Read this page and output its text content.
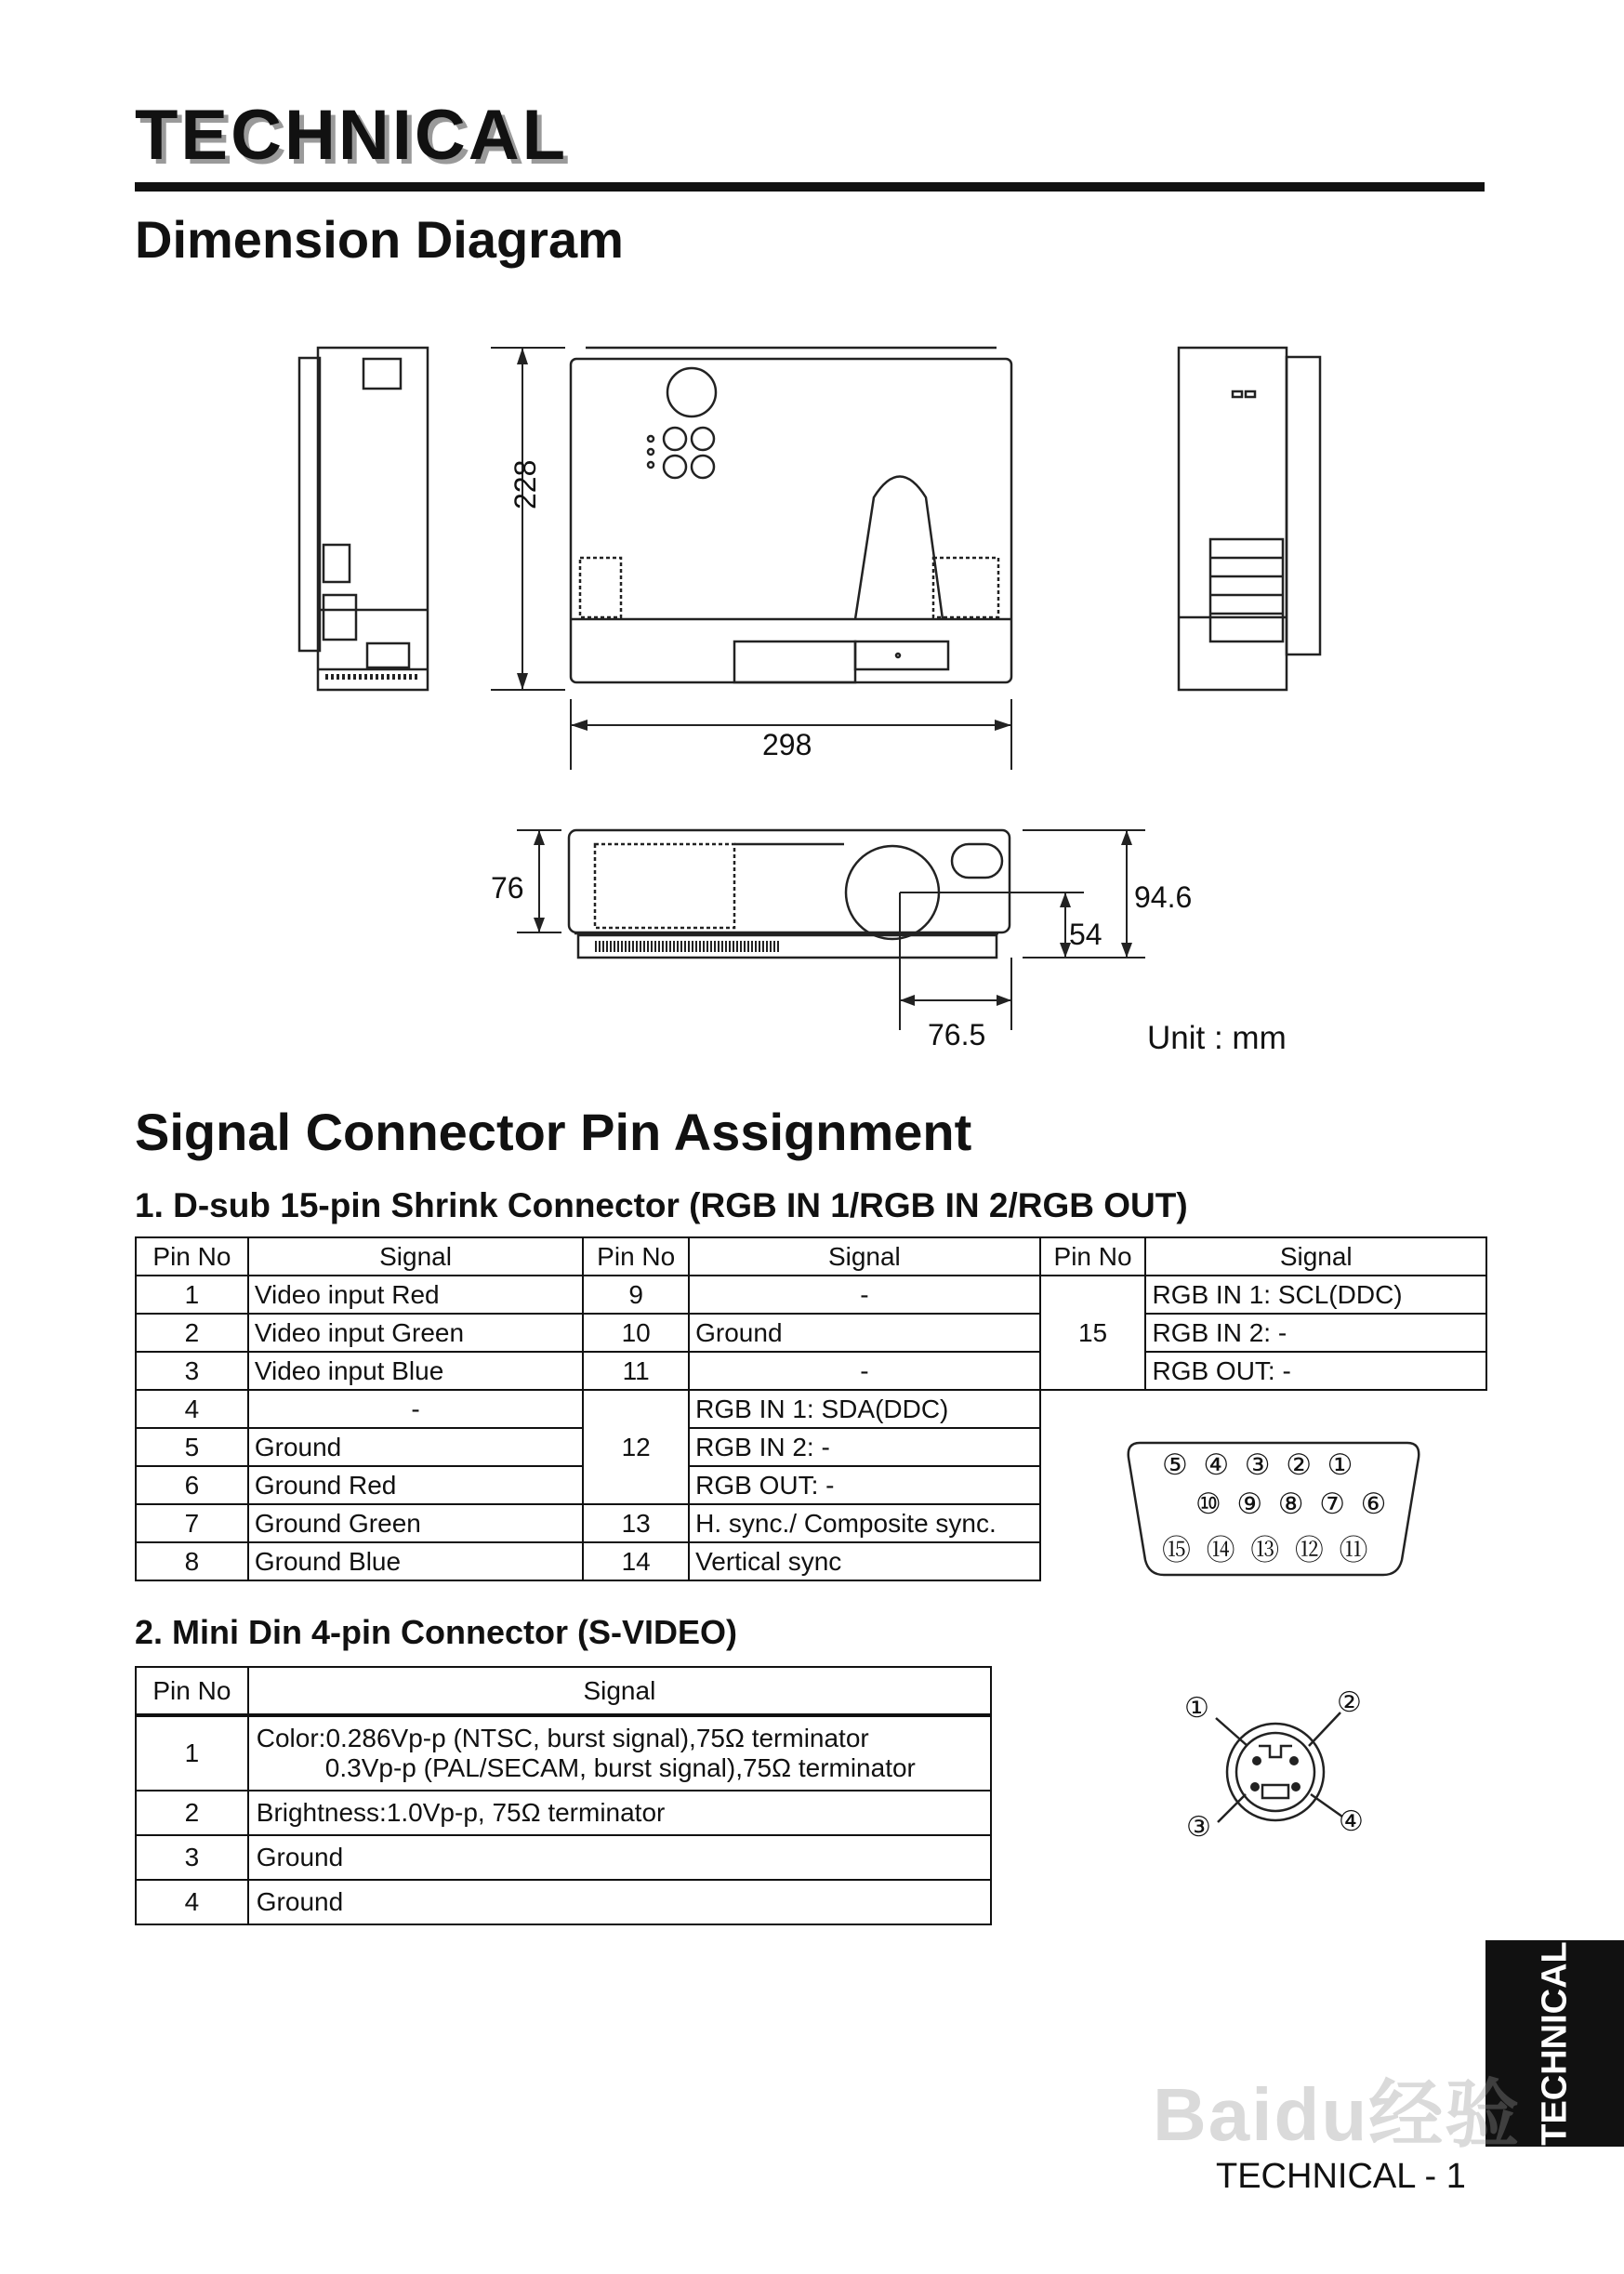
TECHNICAL
Dimension Diagram
228
298
76	94.6
54
76.5	Unit : mm
Signal Connector Pin Assignment
1. D-sub 15-pin Shrink Connector (RGB IN 1/RGB IN 2/RGB OUT)
Pin No	Signal	Pin No	Signal	Pin No	Signal
1	Video input Red	9	-	15	RGB IN 1: SCL(DDC)
2	Video input Green	10	Ground		RGB IN 2: -
3	Video input Blue	11	-		RGB OUT: -
4	-	12	RGB IN 1: SDA(DDC)		
5	Ground		RGB IN 2: -		
6	Ground Red		RGB OUT: -		
7	Ground Green	13	H. sync./ Composite sync.		
8	Ground Blue	14	Vertical sync		
⑤ ④ ③ ② ①
⑩ ⑨ ⑧ ⑦ ⑥
⑮ ⑭ ⑬ ⑫ ⑪
2. Mini Din 4-pin Connector (S-VIDEO)
Pin No	Signal
1	Color:0.286Vp-p (NTSC, burst signal),75Ω terminator
0.3Vp-p (PAL/SECAM, burst signal),75Ω terminator

2	Brightness:1.0Vp-p, 75Ω terminator
3	Ground
4	Ground
①	②
③	④
TECHNICAL
Baidu经验
TECHNICAL - 1
